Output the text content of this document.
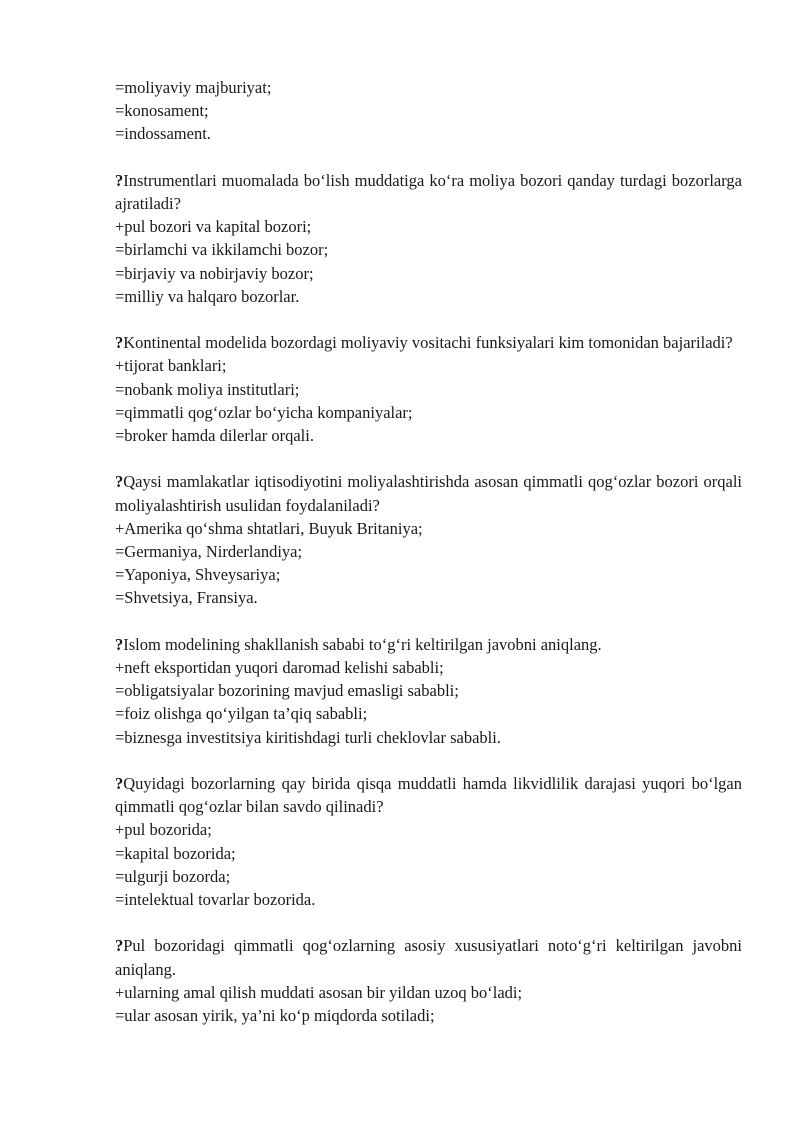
=moliyaviy majburiyat;

=konosament;

=indossament.

?Instrumentlari muomalada bo‘lish muddatiga ko‘ra moliya bozori qanday turdagi bozorlarga ajratiladi?

+pul bozori va kapital bozori;

=birlamchi va ikkilamchi bozor;

=birjaviy va nobirjaviy bozor;

=milliy va halqaro bozorlar.

?Kontinental modelida bozordagi moliyaviy vositachi funksiyalari kim tomonidan bajariladi?

+tijorat banklari;

=nobank moliya institutlari;

=qimmatli qog‘ozlar bo‘yicha kompaniyalar;

=broker hamda dilerlar orqali.

?Qaysi mamlakatlar iqtisodiyotini moliyalashtirishda asosan qimmatli qog‘ozlar bozori orqali moliyalashtirish usulidan foydalaniladi?

+Amerika qo‘shma shtatlari, Buyuk Britaniya;

=Germaniya, Nirderlandiya;

=Yaponiya, Shveysariya;

=Shvetsiya, Fransiya.

?Islom modelining shakllanish sababi to‘g‘ri keltirilgan javobni aniqlang.

+neft eksportidan yuqori daromad kelishi sababli;

=obligatsiyalar bozorining mavjud emasligi sababli;

=foiz olishga qo‘yilgan ta’qiq sababli;

=biznesga investitsiya kiritishdagi turli cheklovlar sababli.

?Quyidagi bozorlarning qay birida qisqa muddatli hamda likvidlilik darajasi yuqori bo‘lgan qimmatli qog‘ozlar bilan savdo qilinadi?

+pul bozorida;

=kapital bozorida;

=ulgurji bozorda;

=intelektual tovarlar bozorida.

?Pul bozoridagi qimmatli qog‘ozlarning asosiy xususiyatlari noto‘g‘ri keltirilgan javobni aniqlang.

+ularning amal qilish muddati asosan bir yildan uzoq bo‘ladi;

=ular asosan yirik, ya’ni ko‘p miqdorda sotiladi;
